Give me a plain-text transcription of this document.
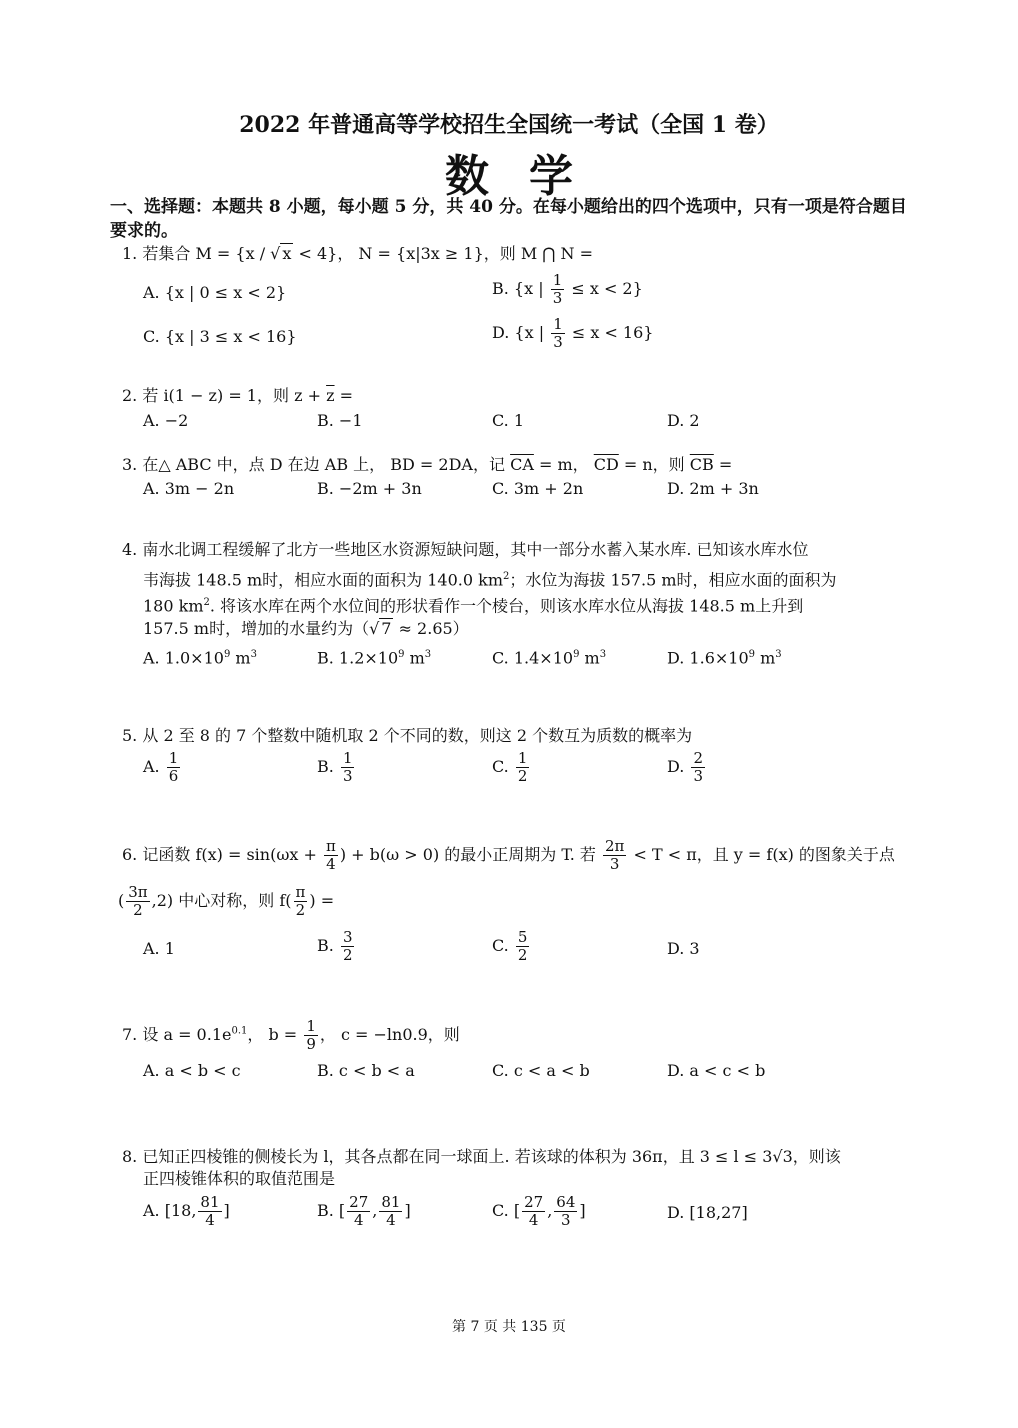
2022 年普通高等学校招生全国统一考试（全国 1 卷）
数学
一、选择题：本题共 8 小题，每小题 5 分，共 40 分。在每小题给出的四个选项中，只有一项是符合题目要求的。
1. 若集合 M = {x / √ x < 4}， N = {x|3x ≥ 1}，则 M ⋂ N =
A. {x | 0 ≤ x < 2}	B. {x | $\frac{1}{3} \le x < 2$}
C. {x | 3 ≤ x < 16}	D. {x | $\frac{1}{3} \le x < 16$}
2. 若 i(1 − z) = 1，则 $z + \overline{z}$ =
A. −2	B. −1	C. 1	D. 2
3. 在△ ABC 中，点 D 在边 AB 上， BD = 2DA，记 $\overline{CA} = m$， $\overline{CD} = n$，则 $\overline{CB}$ =
A. 3m − 2n	B. −2m + 3n	C. 3m + 2n	D. 2m + 3n
4. 南水北调工程缓解了北方一些地区水资源短缺问题，其中一部分水蓄入某水库. 已知该水库水位
韦海拔 148.5 m时，相应水面的面积为 140.0 $km^2$；水位为海拔 157.5 m时，相应水面的面积为
180 $km^2$. 将该水库在两个水位间的形状看作一个棱台，则该水库水位从海拔 148.5 m上升到
157.5 m时，增加的水量约为（√ 7 ≈ 2.65）
A. $1.0\times 10^9$ $m^3$	B. $1.2\times 10^9$ $m^3$	C. $1.4\times 10^9$ $m^3$	D. $1.6\times 10^9$ $m^3$
5. 从 2 至 8 的 7 个整数中随机取 2 个不同的数，则这 2 个数互为质数的概率为
A. $\frac{1}{6}$	B. $\frac{1}{3}$	C. $\frac{1}{2}$	D. $\frac{2}{3}$
6. 记函数 $f(x) = \sin(\omega x + \frac{\pi}{4}$ ) + b(ω > 0) 的最小正周期为 T. 若 $\frac{2\pi}{3} < T < \pi$，且 y = f(x) 的图象关于点
( $\frac{3\pi}{2} ,2$) 中心对称，则 $f( \frac{\pi}{2}$ ) =
A. 1	B. $\frac{3}{2}$	C. $\frac{5}{2}$	D. 3
7. 设 $a = 0.1e^{0.1}$， $b = \frac{1}{9}$ ， c = −ln0.9，则
A. a < b < c	B. c < b < a	C. c < a < b	D. a < c < b
8. 已知正四棱锥的侧棱长为 l，其各点都在同一球面上. 若该球的体积为 36π，且 3 ≤ l ≤ 3√3，则该
正四棱锥体积的取值范围是
A. [18, $\frac{81}{4}$ ]	B. [ $\frac{27}{4}$ , $\frac{81}{4}$ ]	C. [ $\frac{27}{4}$ , $\frac{64}{3}$ ]	D. [18,27]
第 7 页 共 135 页
